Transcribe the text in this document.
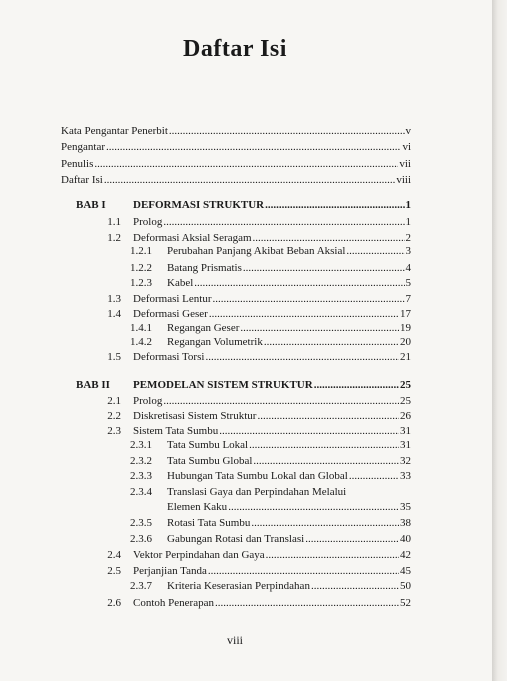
Daftar Isi
Kata Pengantar Penerbit .....	v
Pengantar .....	vi
Penulis .....	vii
Daftar Isi .....	viii
BAB I DEFORMASI STRUKTUR .....	1
1.1 Prolog .....	1
1.2 Deformasi Aksial Seragam .....	2
1.2.1 Perubahan Panjang Akibat Beban Aksial .....	3
1.2.2 Batang Prismatis .....	4
1.2.3 Kabel .....	5
1.3 Deformasi Lentur .....	7
1.4 Deformasi Geser .....	17
1.4.1 Regangan Geser .....	19
1.4.2 Regangan Volumetrik .....	20
1.5 Deformasi Torsi .....	21
BAB II PEMODELAN SISTEM STRUKTUR .....	25
2.1 Prolog .....	25
2.2 Diskretisasi Sistem Struktur .....	26
2.3 Sistem Tata Sumbu .....	31
2.3.1 Tata Sumbu Lokal .....	31
2.3.2 Tata Sumbu Global .....	32
2.3.3 Hubungan Tata Sumbu Lokal dan Global .....	33
2.3.4 Translasi Gaya dan Perpindahan Melalui
Elemen Kaku .....	35
2.3.5 Rotasi Tata Sumbu .....	38
2.3.6 Gabungan Rotasi dan Translasi .....	40
2.4 Vektor Perpindahan dan Gaya .....	42
2.5 Perjanjian Tanda .....	45
2.3.7 Kriteria Keserasian Perpindahan .....	50
2.6 Contoh Penerapan .....	52
viii
